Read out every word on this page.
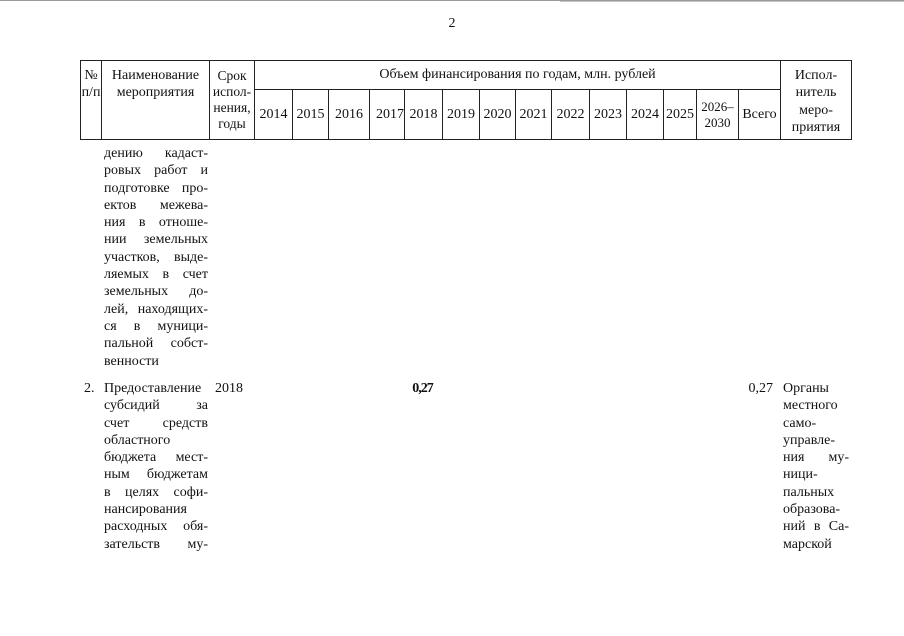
2
№
п/п
Наименование
мероприятия
Срок
испол-
нения,
годы
Объем финансирования по годам, млн. рублей
2014 2015 2016 2017 2018 2019 2020 2021 2022 2023 2024 2025
2026–
2030
Всего
Испол-
нитель
меро-
приятия
дению кадаст-
ровых работ и
подготовке про-
ектов межева-
ния в отноше-
нии земельных
участков, выде-
ляемых в счет
земельных до-
лей, находящих-
ся в муници-
пальной собст-
венности
2. Предоставление
субсидий за
счет средств
областного
бюджета мест-
ным бюджетам
в целях софи-
нансирования
расходных обя-
зательств му-
2018	0,27	0,27 Органы
местного
само-
управле-
ния му-
ници-
пальных
образова-
ний в Са-
марской
